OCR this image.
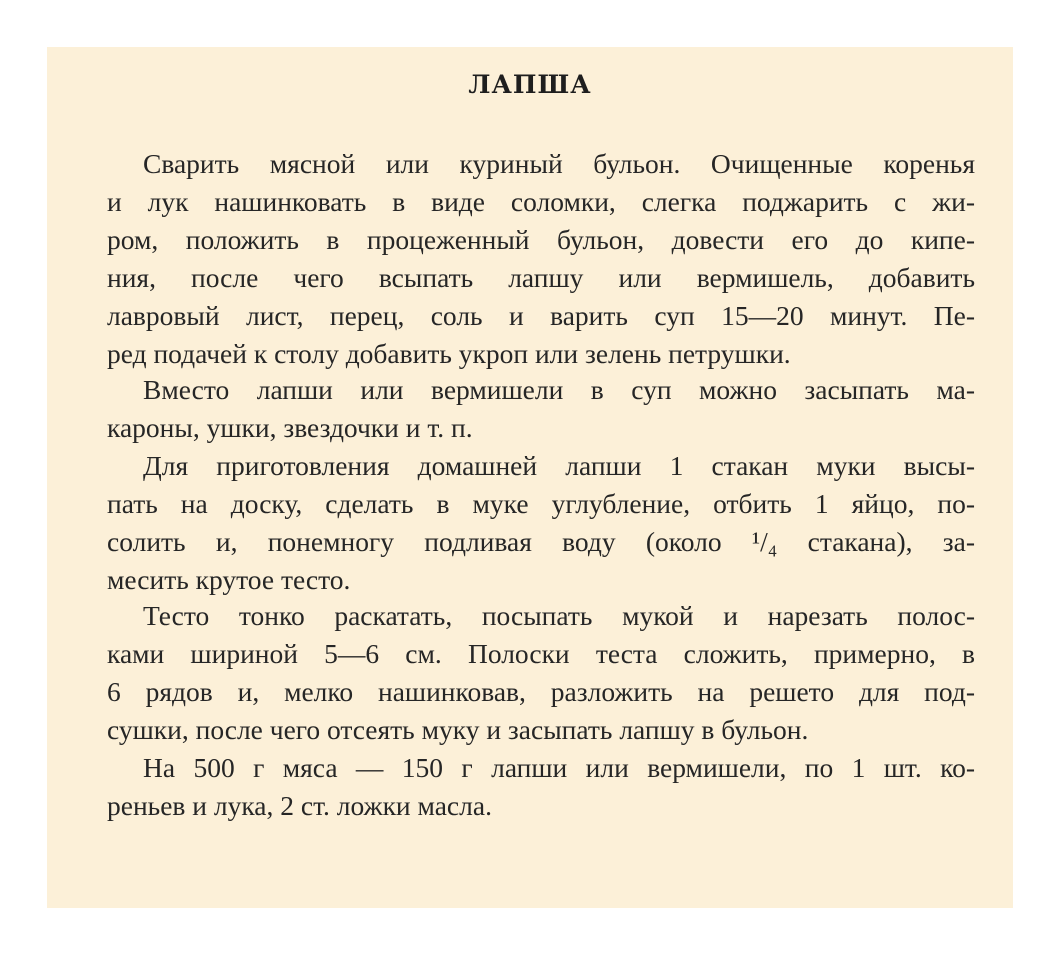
ЛАПША
Сварить мясной или куриный бульон. Очищенные коренья
и лук нашинковать в виде соломки, слегка поджарить с жи-
ром, положить в процеженный бульон, довести его до кипе-
ния, после чего всыпать лапшу или вермишель, добавить
лавровый лист, перец, соль и варить суп 15—20 минут. Пе-
ред подачей к столу добавить укроп или зелень петрушки.
Вместо лапши или вермишели в суп можно засыпать ма-
кароны, ушки, звездочки и т. п.
Для приготовления домашней лапши 1 стакан муки высы-
пать на доску, сделать в муке углубление, отбить 1 яйцо, по-
солить и, понемногу подливая воду (около ¹/₄ стакана), за-
месить крутое тесто.
Тесто тонко раскатать, посыпать мукой и нарезать полос-
ками шириной 5—6 см. Полоски теста сложить, примерно, в
6 рядов и, мелко нашинковав, разложить на решето для под-
сушки, после чего отсеять муку и засыпать лапшу в бульон.
На 500 г мяса — 150 г лапши или вермишели, по 1 шт. ко-
реньев и лука, 2 ст. ложки масла.
